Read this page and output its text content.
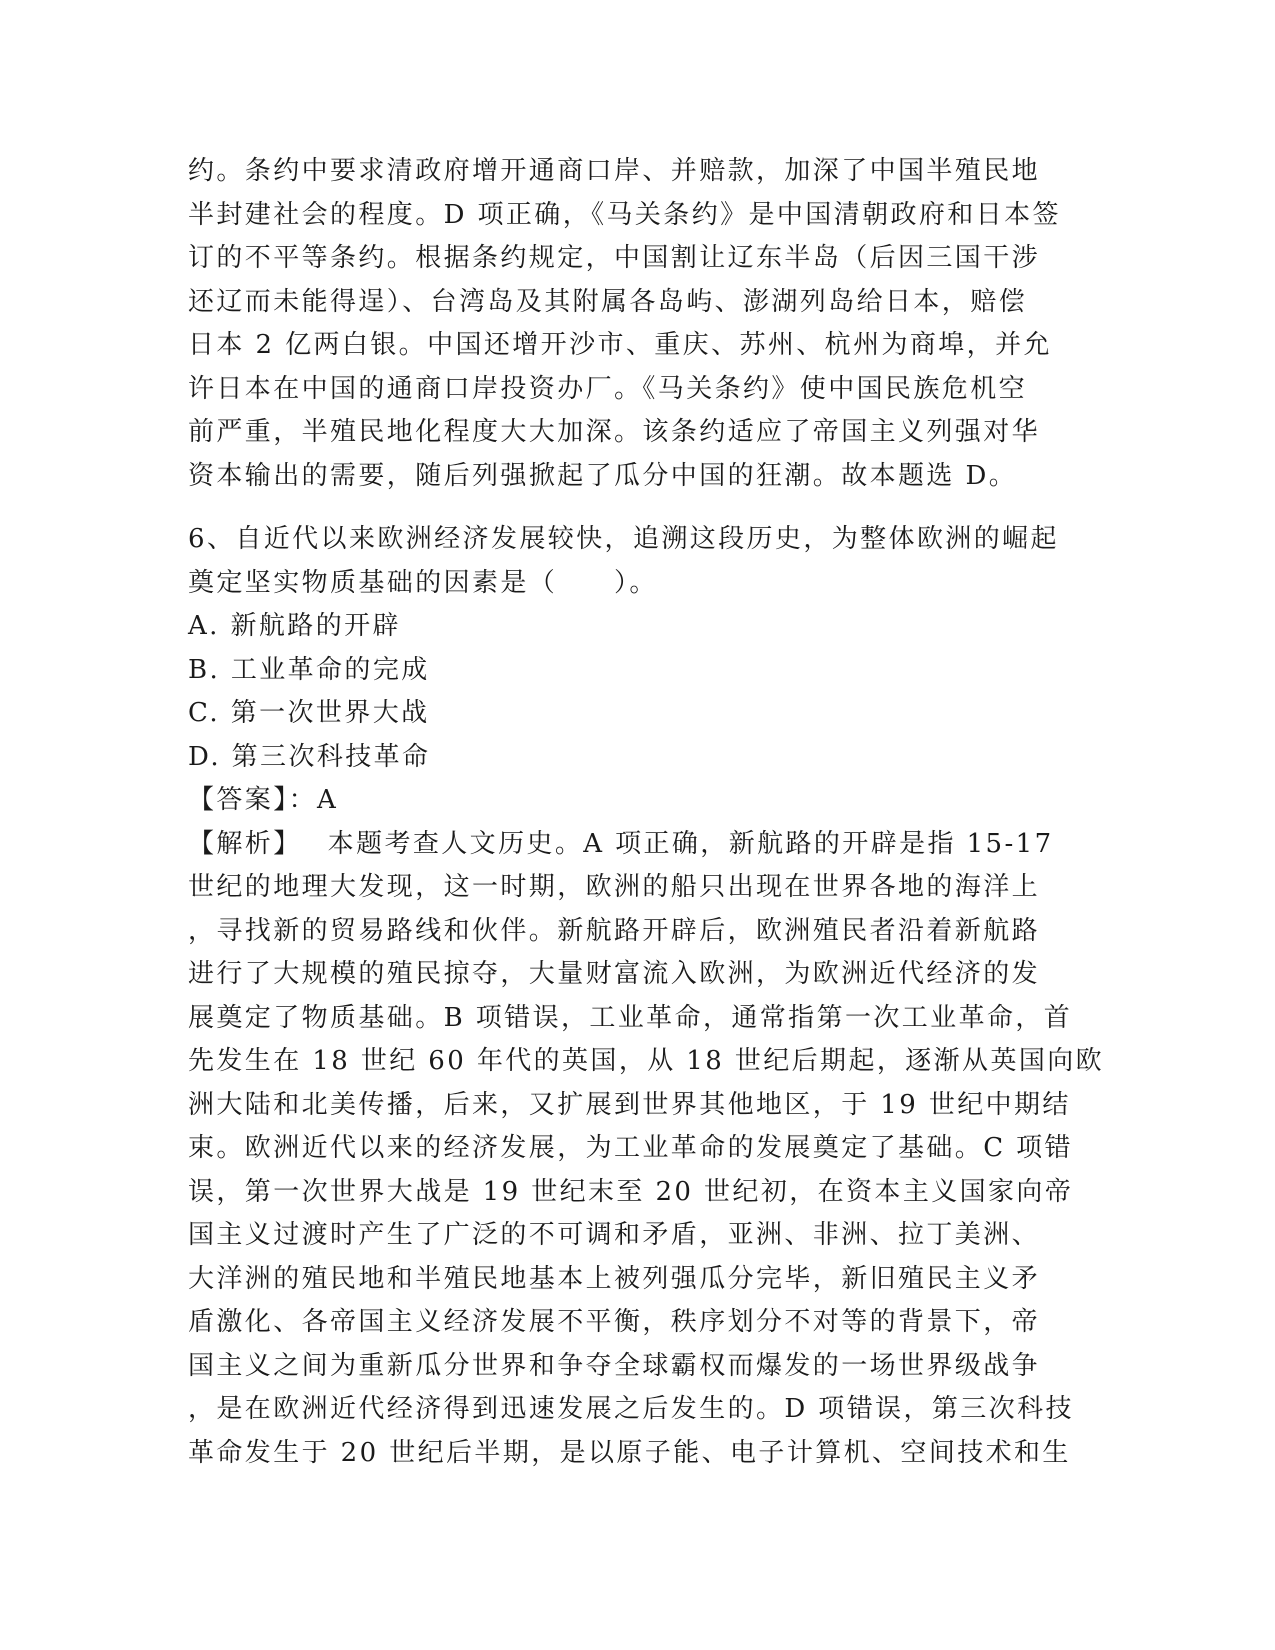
约。条约中要求清政府增开通商口岸、并赔款，加深了中国半殖民地
半封建社会的程度。D 项正确，《马关条约》是中国清朝政府和日本签
订的不平等条约。根据条约规定，中国割让辽东半岛（后因三国干涉
还辽而未能得逞）、台湾岛及其附属各岛屿、澎湖列岛给日本，赔偿
日本 2 亿两白银。中国还增开沙市、重庆、苏州、杭州为商埠，并允
许日本在中国的通商口岸投资办厂。《马关条约》使中国民族危机空
前严重，半殖民地化程度大大加深。该条约适应了帝国主义列强对华
资本输出的需要，随后列强掀起了瓜分中国的狂潮。故本题选 D。
6、自近代以来欧洲经济发展较快，追溯这段历史，为整体欧洲的崛起
奠定坚实物质基础的因素是（　　）。
A. 新航路的开辟
B. 工业革命的完成
C. 第一次世界大战
D. 第三次科技革命
【答案】：A
【解析】　 本题考查人文历史。A 项正确，新航路的开辟是指 15-17
世纪的地理大发现，这一时期，欧洲的船只出现在世界各地的海洋上
，寻找新的贸易路线和伙伴。新航路开辟后，欧洲殖民者沿着新航路
进行了大规模的殖民掠夺，大量财富流入欧洲，为欧洲近代经济的发
展奠定了物质基础。B 项错误，工业革命，通常指第一次工业革命，首
先发生在 18 世纪 60 年代的英国，从 18 世纪后期起，逐渐从英国向欧
洲大陆和北美传播，后来，又扩展到世界其他地区，于 19 世纪中期结
束。欧洲近代以来的经济发展，为工业革命的发展奠定了基础。C 项错
误，第一次世界大战是 19 世纪末至 20 世纪初，在资本主义国家向帝
国主义过渡时产生了广泛的不可调和矛盾，亚洲、非洲、拉丁美洲、
大洋洲的殖民地和半殖民地基本上被列强瓜分完毕，新旧殖民主义矛
盾激化、各帝国主义经济发展不平衡，秩序划分不对等的背景下，帝
国主义之间为重新瓜分世界和争夺全球霸权而爆发的一场世界级战争
，是在欧洲近代经济得到迅速发展之后发生的。D 项错误，第三次科技
革命发生于 20 世纪后半期，是以原子能、电子计算机、空间技术和生
